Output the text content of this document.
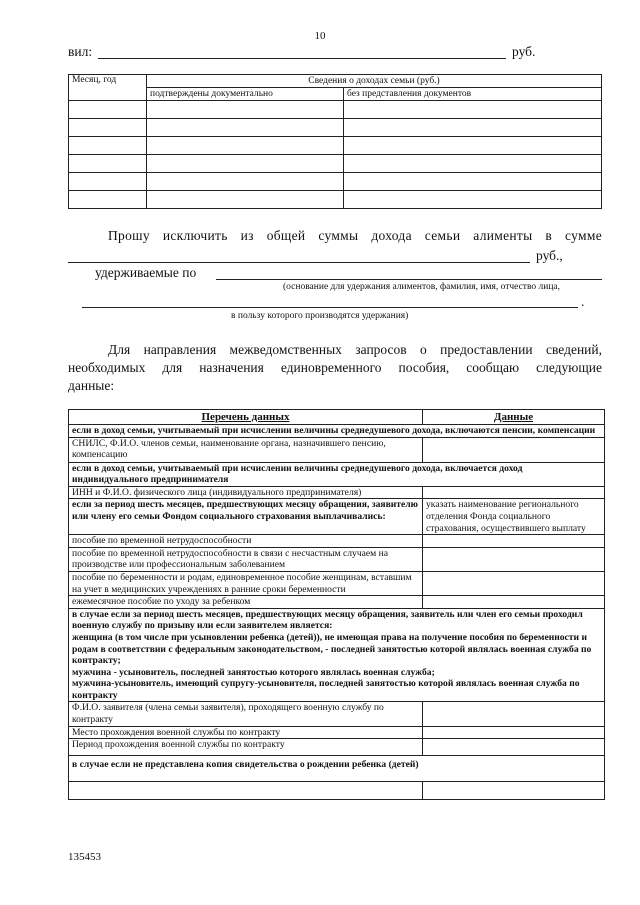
10
вил:	руб.
Месяц, год	Сведения о доходах семьи (руб.)	
	подтверждены документально	без представления документов

Прошу исключить из общей суммы дохода семьи алименты в сумме
руб.,
удерживаемые по
(основание для удержания алиментов, фамилия, имя, отчество лица,
.
в пользу которого производятся удержания)
Для направления межведомственных запросов о предоставлении сведений,
необходимых для назначения единовременного пособия, сообщаю следующие
данные:
Перечень данных	Данные
если в доход семьи, учитываемый при исчислении величины среднедушевого дохода, включаются пенсии, компенсации	
СНИЛС, Ф.И.О. членов семьи, наименование органа, назначившего пенсию, компенсацию	
если в доход семьи, учитываемый при исчислении величины среднедушевого дохода, включается доход индивидуального предпринимателя	
ИНН и Ф.И.О. физического лица (индивидуального предпринимателя)	
если за период шесть месяцев, предшествующих месяцу обращения, заявителю или члену его семьи Фондом социального страхования выплачивались:	указать наименование регионального отделения Фонда социального страхования, осуществившего выплату
пособие по временной нетрудоспособности	
пособие по временной нетрудоспособности в связи с несчастным случаем на производстве или профессиональным заболеванием	
пособие по беременности и родам, единовременное пособие женщинам, вставшим на учет в медицинских учреждениях в ранние сроки беременности	
ежемесячное пособие по уходу за ребенком	

в случае если за период шесть месяцев, предшествующих месяцу обращения, заявитель или член его семьи проходил военную службу по призыву или если заявителем является:
женщина (в том числе при усыновлении ребенка (детей)), не имеющая права на получение пособия по беременности и родам в соответствии с федеральным законодательством, - последней занятостью которой являлась военная служба по контракту;
мужчина - усыновитель, последней занятостью которого являлась военная служба;
мужчина-усыновитель, имеющий супругу-усыновителя, последней занятостью которой являлась военная служба по контракту	

Ф.И.О. заявителя (члена семьи заявителя), проходящего военную службу по контракту	
Место прохождения военной службы по контракту	
Период прохождения военной службы по контракту	
в случае если не представлена копия свидетельства о рождении ребенка (детей)	

135453
